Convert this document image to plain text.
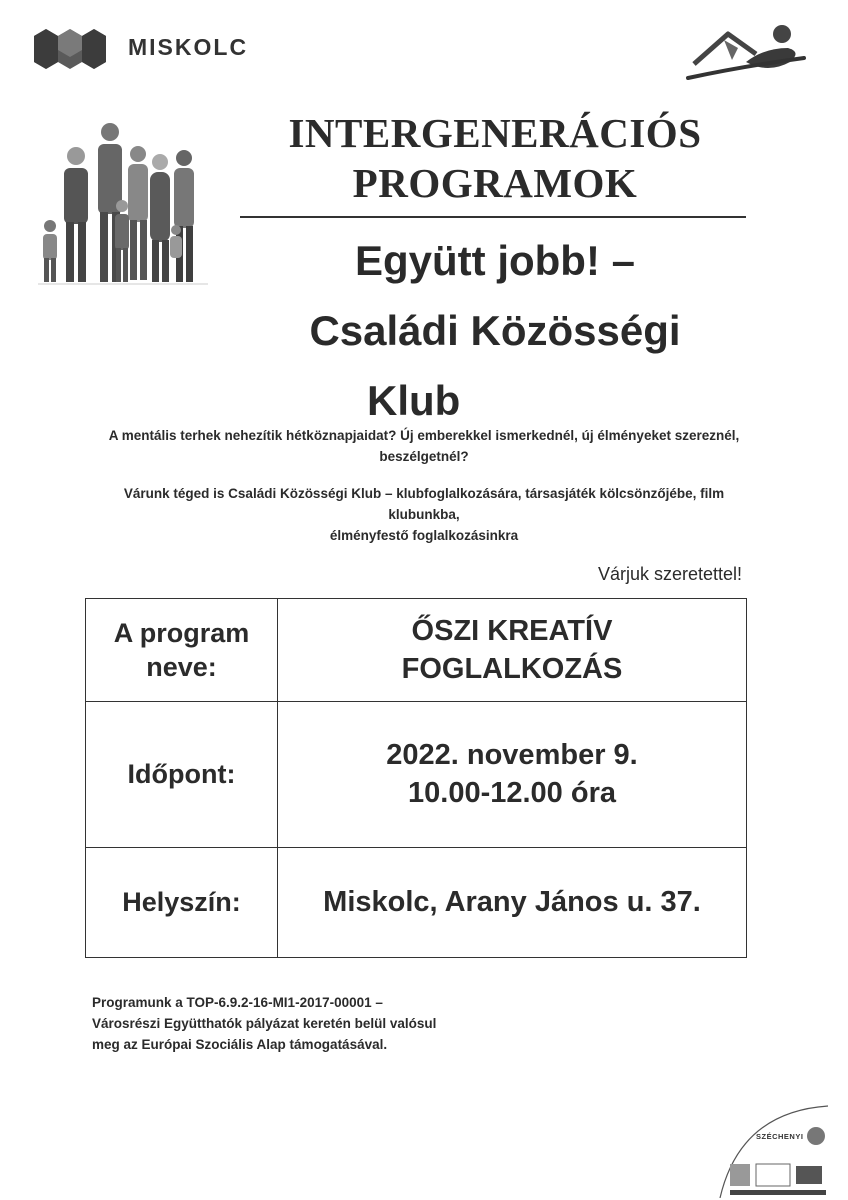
MISKOLC
INTERGENERÁCIÓS
PROGRAMOK
Együtt jobb! –
Családi Közösségi
Klub
A mentális terhek nehezítik hétköznapjaidat? Új emberekkel ismerkednél, új élményeket szereznél,
beszélgetnél?
Várunk téged is Családi Közösségi Klub – klubfoglalkozására, társasjáték kölcsönzőjébe, film klubunkba,
élményfestő foglalkozásinkra
Várjuk szeretettel!
A program
neve:
ŐSZI KREATÍV
FOGLALKOZÁS
Időpont:
2022. november 9.
10.00-12.00 óra
Helyszín:	Miskolc, Arany János u. 37.
Programunk a TOP-6.9.2-16-MI1-2017-00001 –
Városrészi Együtthatók pályázat keretén belül valósul
meg az Európai Szociális Alap támogatásával.
SZÉCHENYI
